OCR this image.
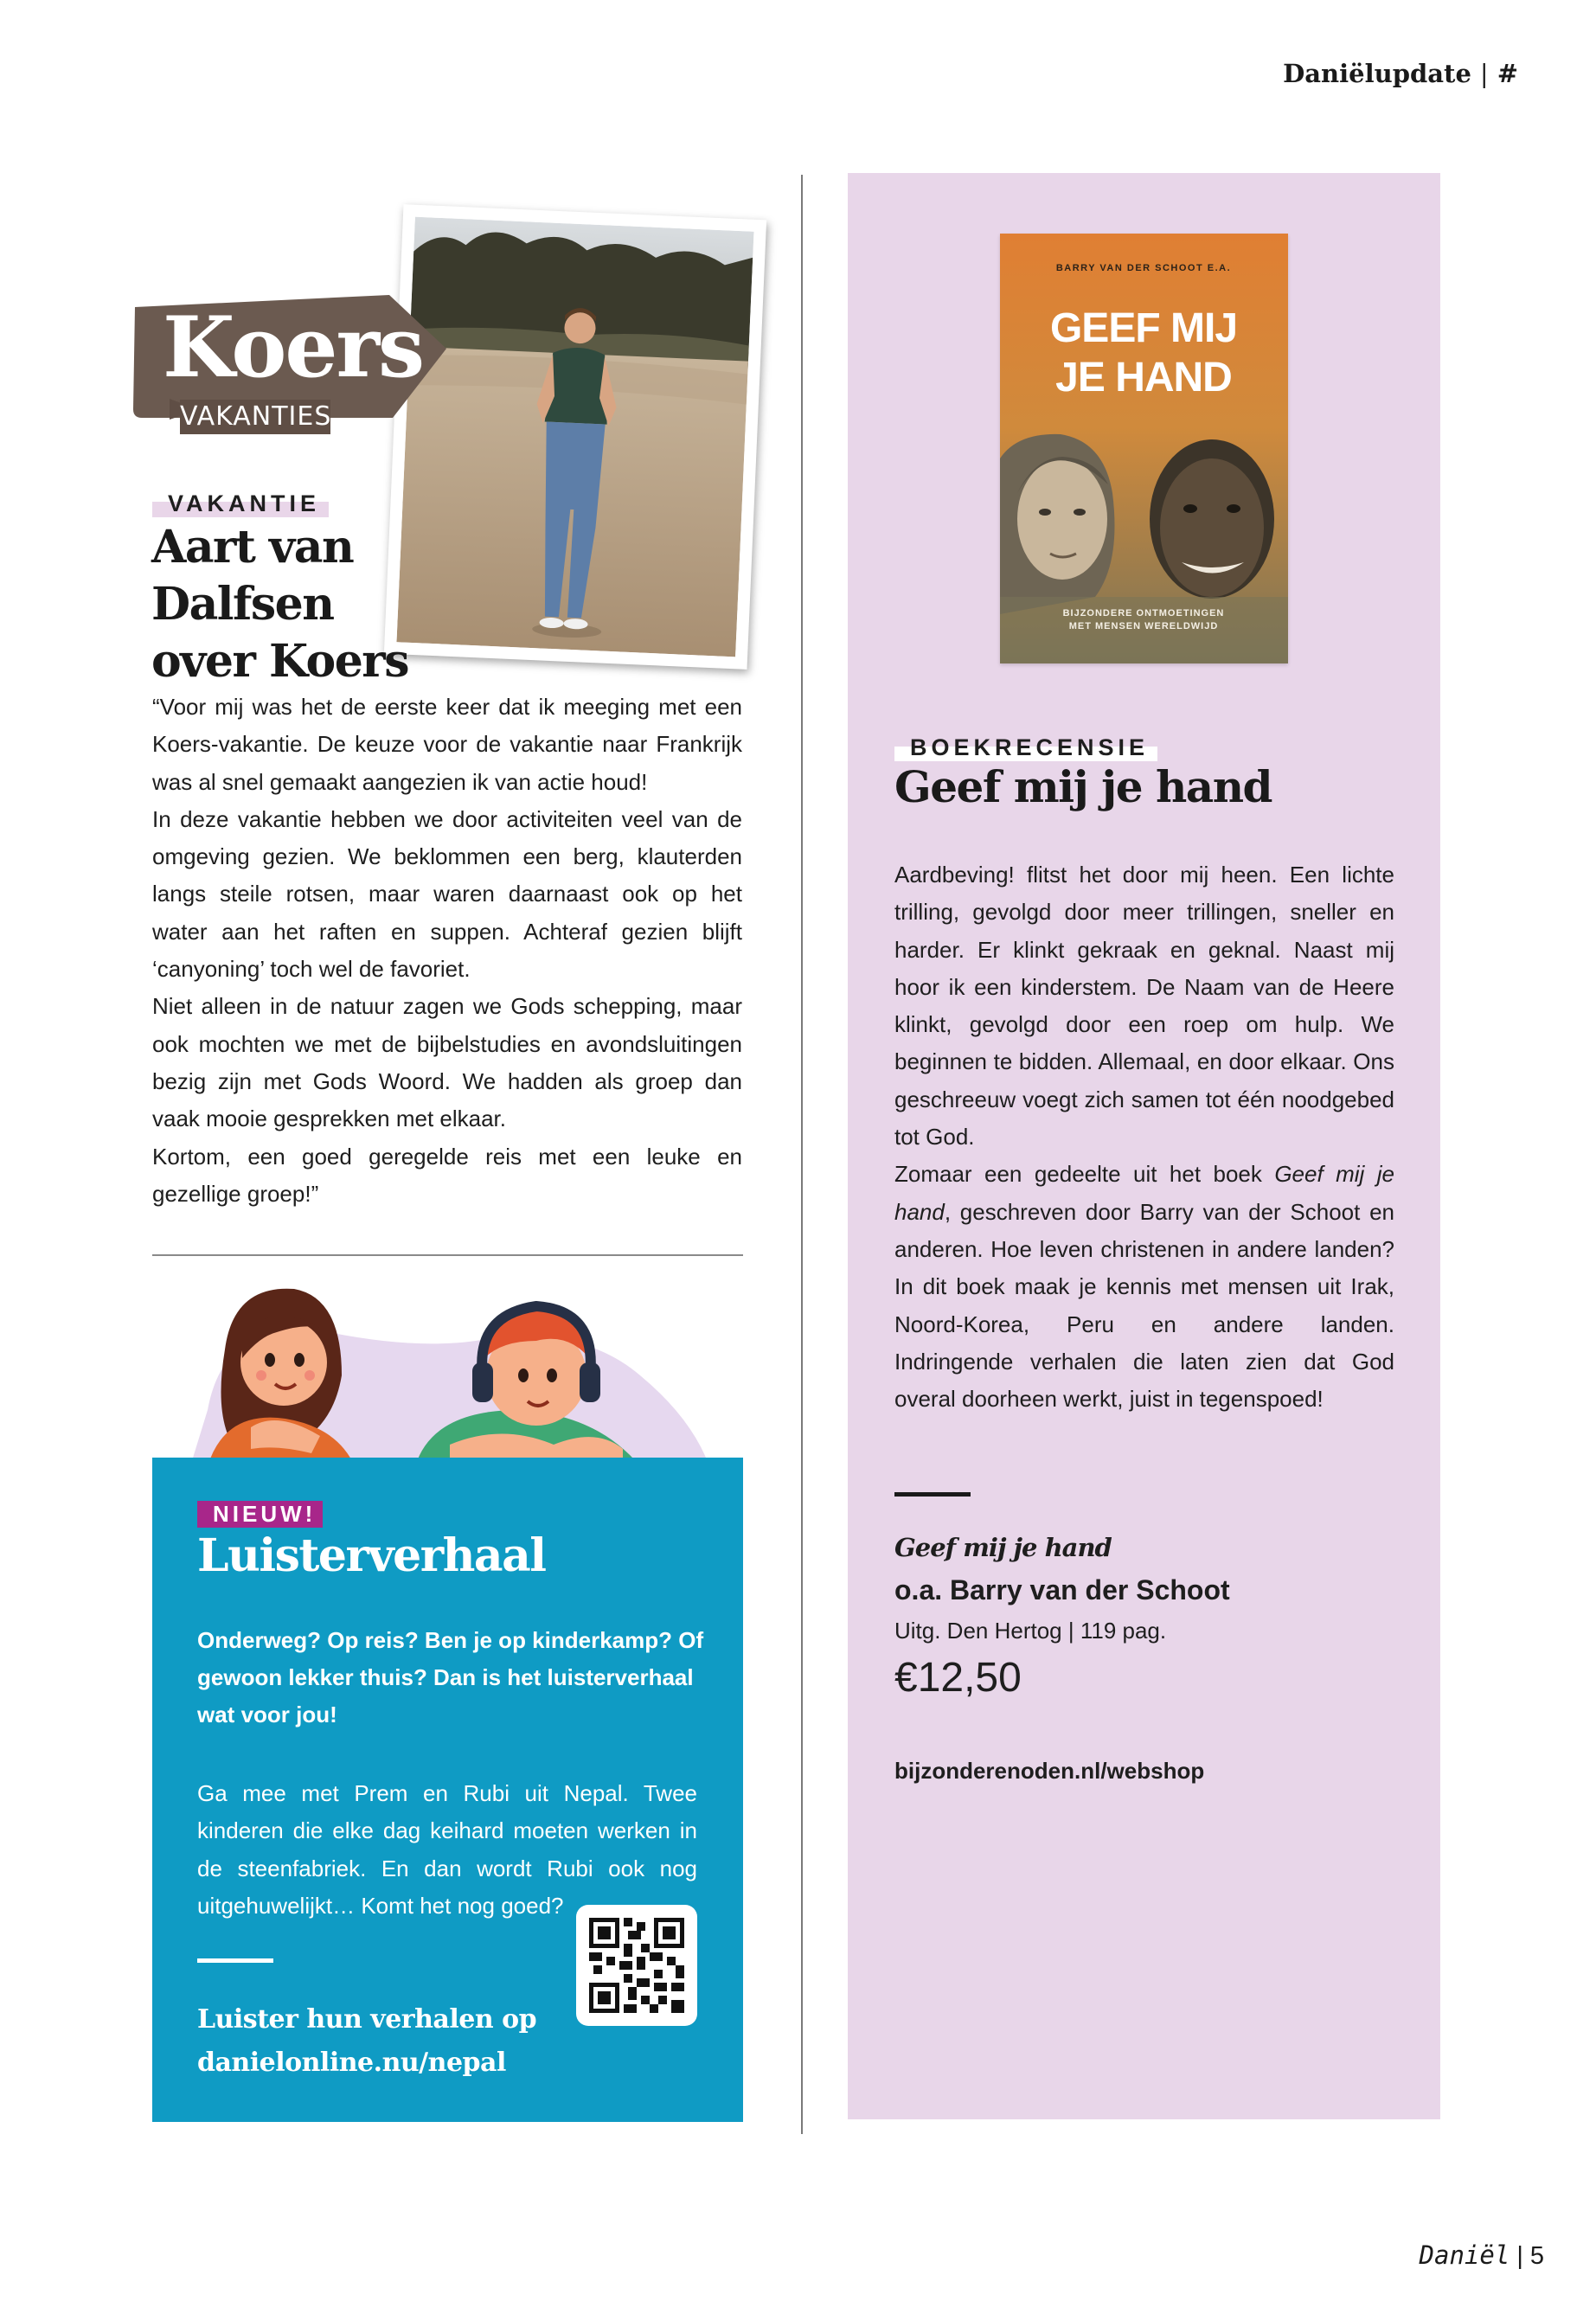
Daniëlupdate | #
Koers
VAKANTIES
VAKANTIE
Aart van
Dalfsen
over Koers

“Voor mij was het de eerste keer dat ik meeging met een Koers-vakantie. De keuze voor de vakantie naar Frankrijk was al snel gemaakt aangezien ik van actie houd!

In deze vakantie hebben we door activiteiten veel van de omgeving gezien. We beklommen een berg, klauterden langs steile rotsen, maar waren daarnaast ook op het water aan het raften en suppen. Achteraf gezien blijft ‘canyoning’ toch wel de favoriet.

Niet alleen in de natuur zagen we Gods schepping, maar ook mochten we met de bijbelstudies en avondsluitingen bezig zijn met Gods Woord. We hadden als groep dan vaak mooie gesprekken met elkaar.

Kortom, een goed geregelde reis met een leuke en gezellige groep!”

NIEUW!
Luisterverhaal
Onderweg? Op reis? Ben je op kinderkamp? Of gewoon lekker thuis? Dan is het luisterverhaal wat voor jou!
Ga mee met Prem en Rubi uit Nepal. Twee kinderen die elke dag keihard moeten werken in de steenfabriek. En dan wordt Rubi ook nog uitgehuwelijkt… Komt het nog goed?
Luister hun verhalen op
danielonline.nu/nepal
BARRY VAN DER SCHOOT E.A.
GEEF MIJ
JE HAND
BIJZONDERE ONTMOETINGEN
MET MENSEN WERELDWIJD
BOEKRECENSIE
Geef mij je hand

Aardbeving! flitst het door mij heen. Een lichte trilling, gevolgd door meer trillingen, sneller en harder. Er klinkt gekraak en geknal. Naast mij hoor ik een kinderstem. De Naam van de Heere klinkt, gevolgd door een roep om hulp. We beginnen te bidden. Allemaal, en door elkaar. Ons geschreeuw voegt zich samen tot één noodgebed tot God.

Zomaar een gedeelte uit het boek Geef mij je hand, geschreven door Barry van der Schoot en anderen. Hoe leven christenen in andere landen? In dit boek maak je kennis met mensen uit Irak, Noord-Korea, Peru en andere landen. Indringende verhalen die laten zien dat God overal doorheen werkt, juist in tegenspoed!

Geef mij je hand
o.a. Barry van der Schoot
Uitg. Den Hertog | 119 pag.
€12,50
bijzonderenoden.nl/webshop
Daniël | 5
